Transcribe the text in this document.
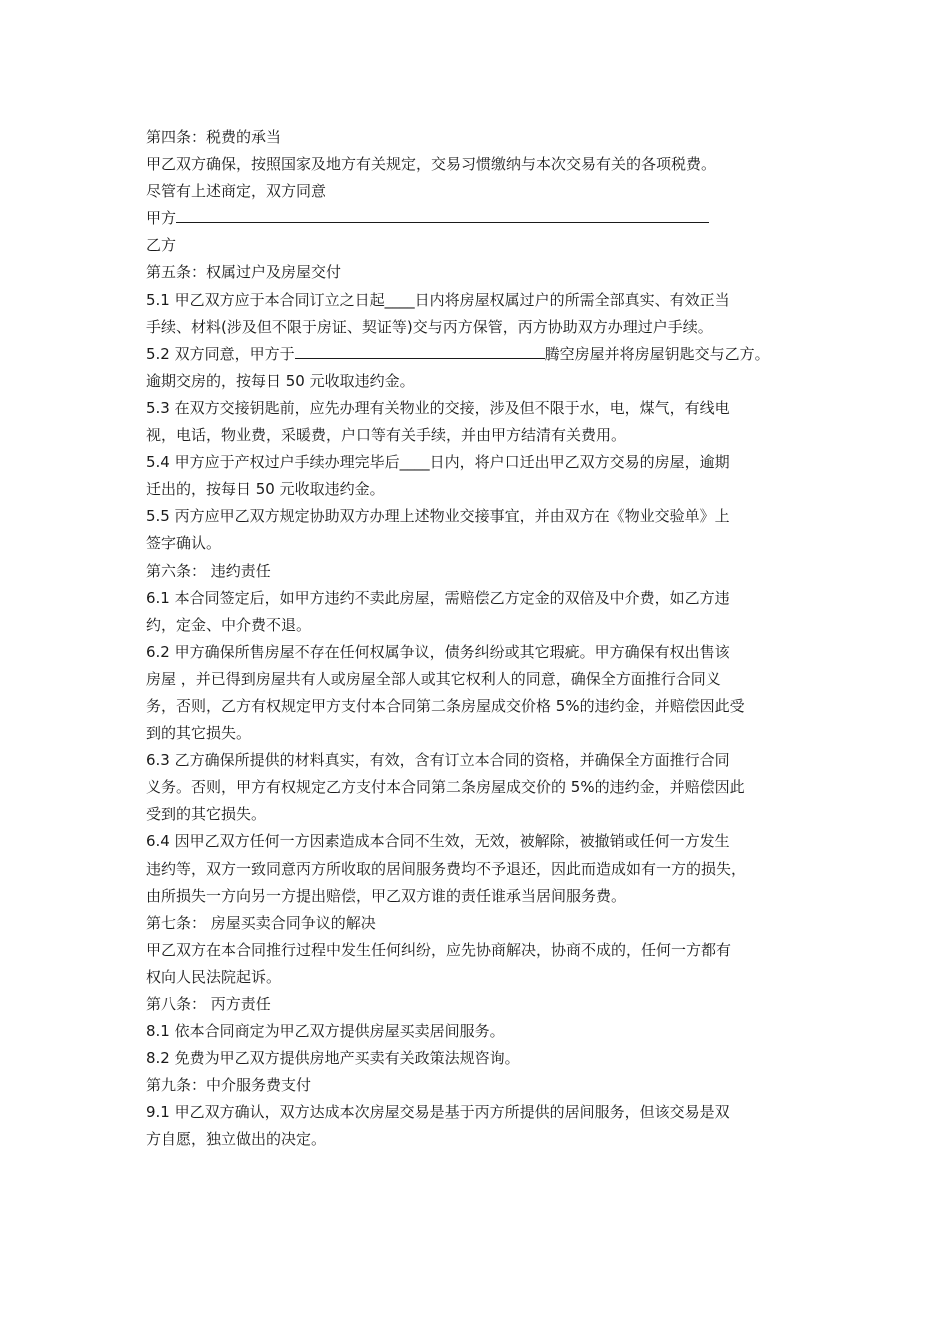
第四条：税费的承当
甲乙双方确保，按照国家及地方有关规定，交易习惯缴纳与本次交易有关的各项税费。
尽管有上述商定，双方同意
甲方
乙方
第五条：权属过户及房屋交付
5.1 甲乙双方应于本合同订立之日起____日内将房屋权属过户的所需全部真实、有效正当
手续、材料(涉及但不限于房证、契证等)交与丙方保管，丙方协助双方办理过户手续。
5.2 双方同意，甲方于	腾空房屋并将房屋钥匙交与乙方。
逾期交房的，按每日 50 元收取违约金。
5.3 在双方交接钥匙前，应先办理有关物业的交接，涉及但不限于水，电，煤气，有线电
视，电话，物业费，采暖费，户口等有关手续，并由甲方结清有关费用。
5.4 甲方应于产权过户手续办理完毕后____日内，将户口迁出甲乙双方交易的房屋，逾期
迁出的，按每日 50 元收取违约金。
5.5 丙方应甲乙双方规定协助双方办理上述物业交接事宜，并由双方在《物业交验单》上
签字确认。
第六条： 违约责任
6.1 本合同签定后，如甲方违约不卖此房屋，需赔偿乙方定金的双倍及中介费，如乙方违
约，定金、中介费不退。
6.2 甲方确保所售房屋不存在任何权属争议，债务纠纷或其它瑕疵。甲方确保有权出售该
房屋 ，并已得到房屋共有人或房屋全部人或其它权利人的同意，确保全方面推行合同义
务，否则，乙方有权规定甲方支付本合同第二条房屋成交价格 5%的违约金，并赔偿因此受
到的其它损失。
6.3 乙方确保所提供的材料真实，有效，含有订立本合同的资格，并确保全方面推行合同
义务。否则，甲方有权规定乙方支付本合同第二条房屋成交价的 5%的违约金，并赔偿因此
受到的其它损失。
6.4 因甲乙双方任何一方因素造成本合同不生效，无效，被解除，被撤销或任何一方发生
违约等，双方一致同意丙方所收取的居间服务费均不予退还，因此而造成如有一方的损失，
由所损失一方向另一方提出赔偿，甲乙双方谁的责任谁承当居间服务费。
第七条： 房屋买卖合同争议的解决
甲乙双方在本合同推行过程中发生任何纠纷，应先协商解决，协商不成的，任何一方都有
权向人民法院起诉。
第八条： 丙方责任
8.1 依本合同商定为甲乙双方提供房屋买卖居间服务。
8.2 免费为甲乙双方提供房地产买卖有关政策法规咨询。
第九条：中介服务费支付
9.1 甲乙双方确认，双方达成本次房屋交易是基于丙方所提供的居间服务，但该交易是双
方自愿，独立做出的决定。
